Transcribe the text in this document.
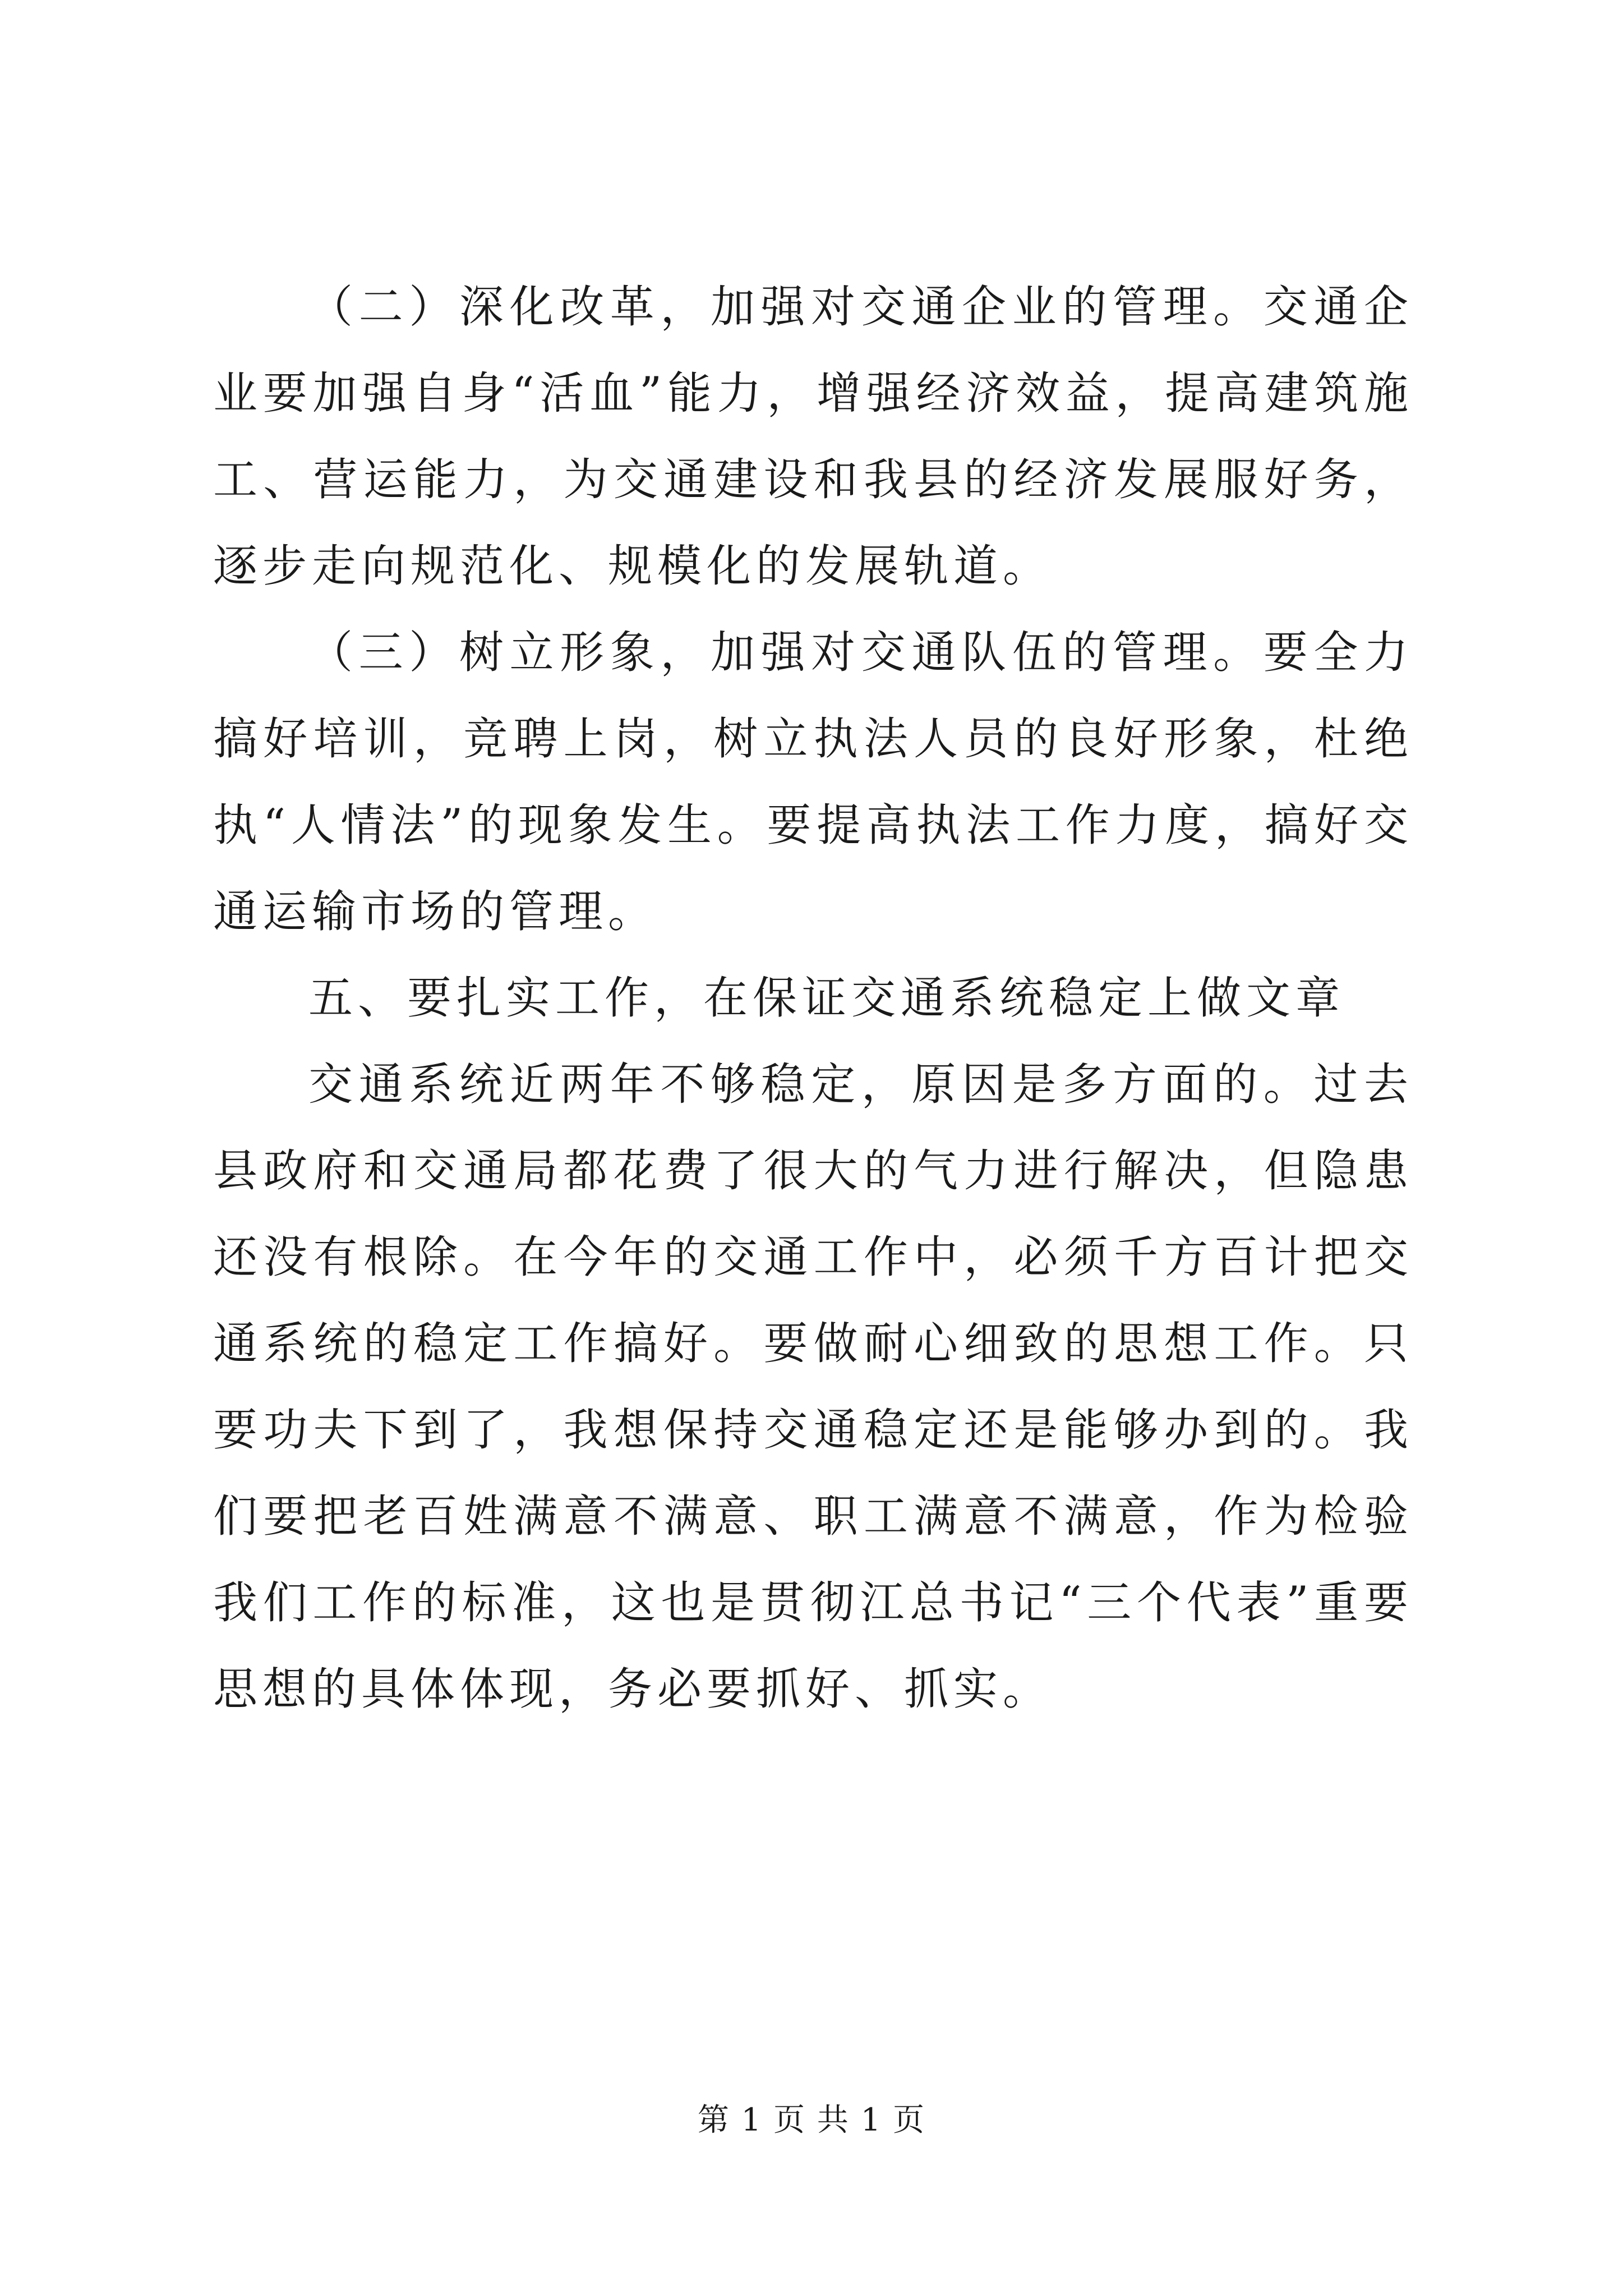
（二）深化改革，加强对交通企业的管理。交通企业要加强自身“活血”能力，增强经济效益，提高建筑施工、营运能力，为交通建设和我县的经济发展服好务，逐步走向规范化、规模化的发展轨道。

（三）树立形象，加强对交通队伍的管理。要全力搞好培训，竞聘上岗，树立执法人员的良好形象，杜绝执“人情法”的现象发生。要提高执法工作力度，搞好交通运输市场的管理。

五、要扎实工作，在保证交通系统稳定上做文章

交通系统近两年不够稳定，原因是多方面的。过去县政府和交通局都花费了很大的气力进行解决，但隐患还没有根除。在今年的交通工作中，必须千方百计把交通系统的稳定工作搞好。要做耐心细致的思想工作。只要功夫下到了，我想保持交通稳定还是能够办到的。我们要把老百姓满意不满意、职工满意不满意，作为检验我们工作的标准，这也是贯彻江总书记“三个代表”重要思想的具体体现，务必要抓好、抓实。

第 1 页 共 1 页
